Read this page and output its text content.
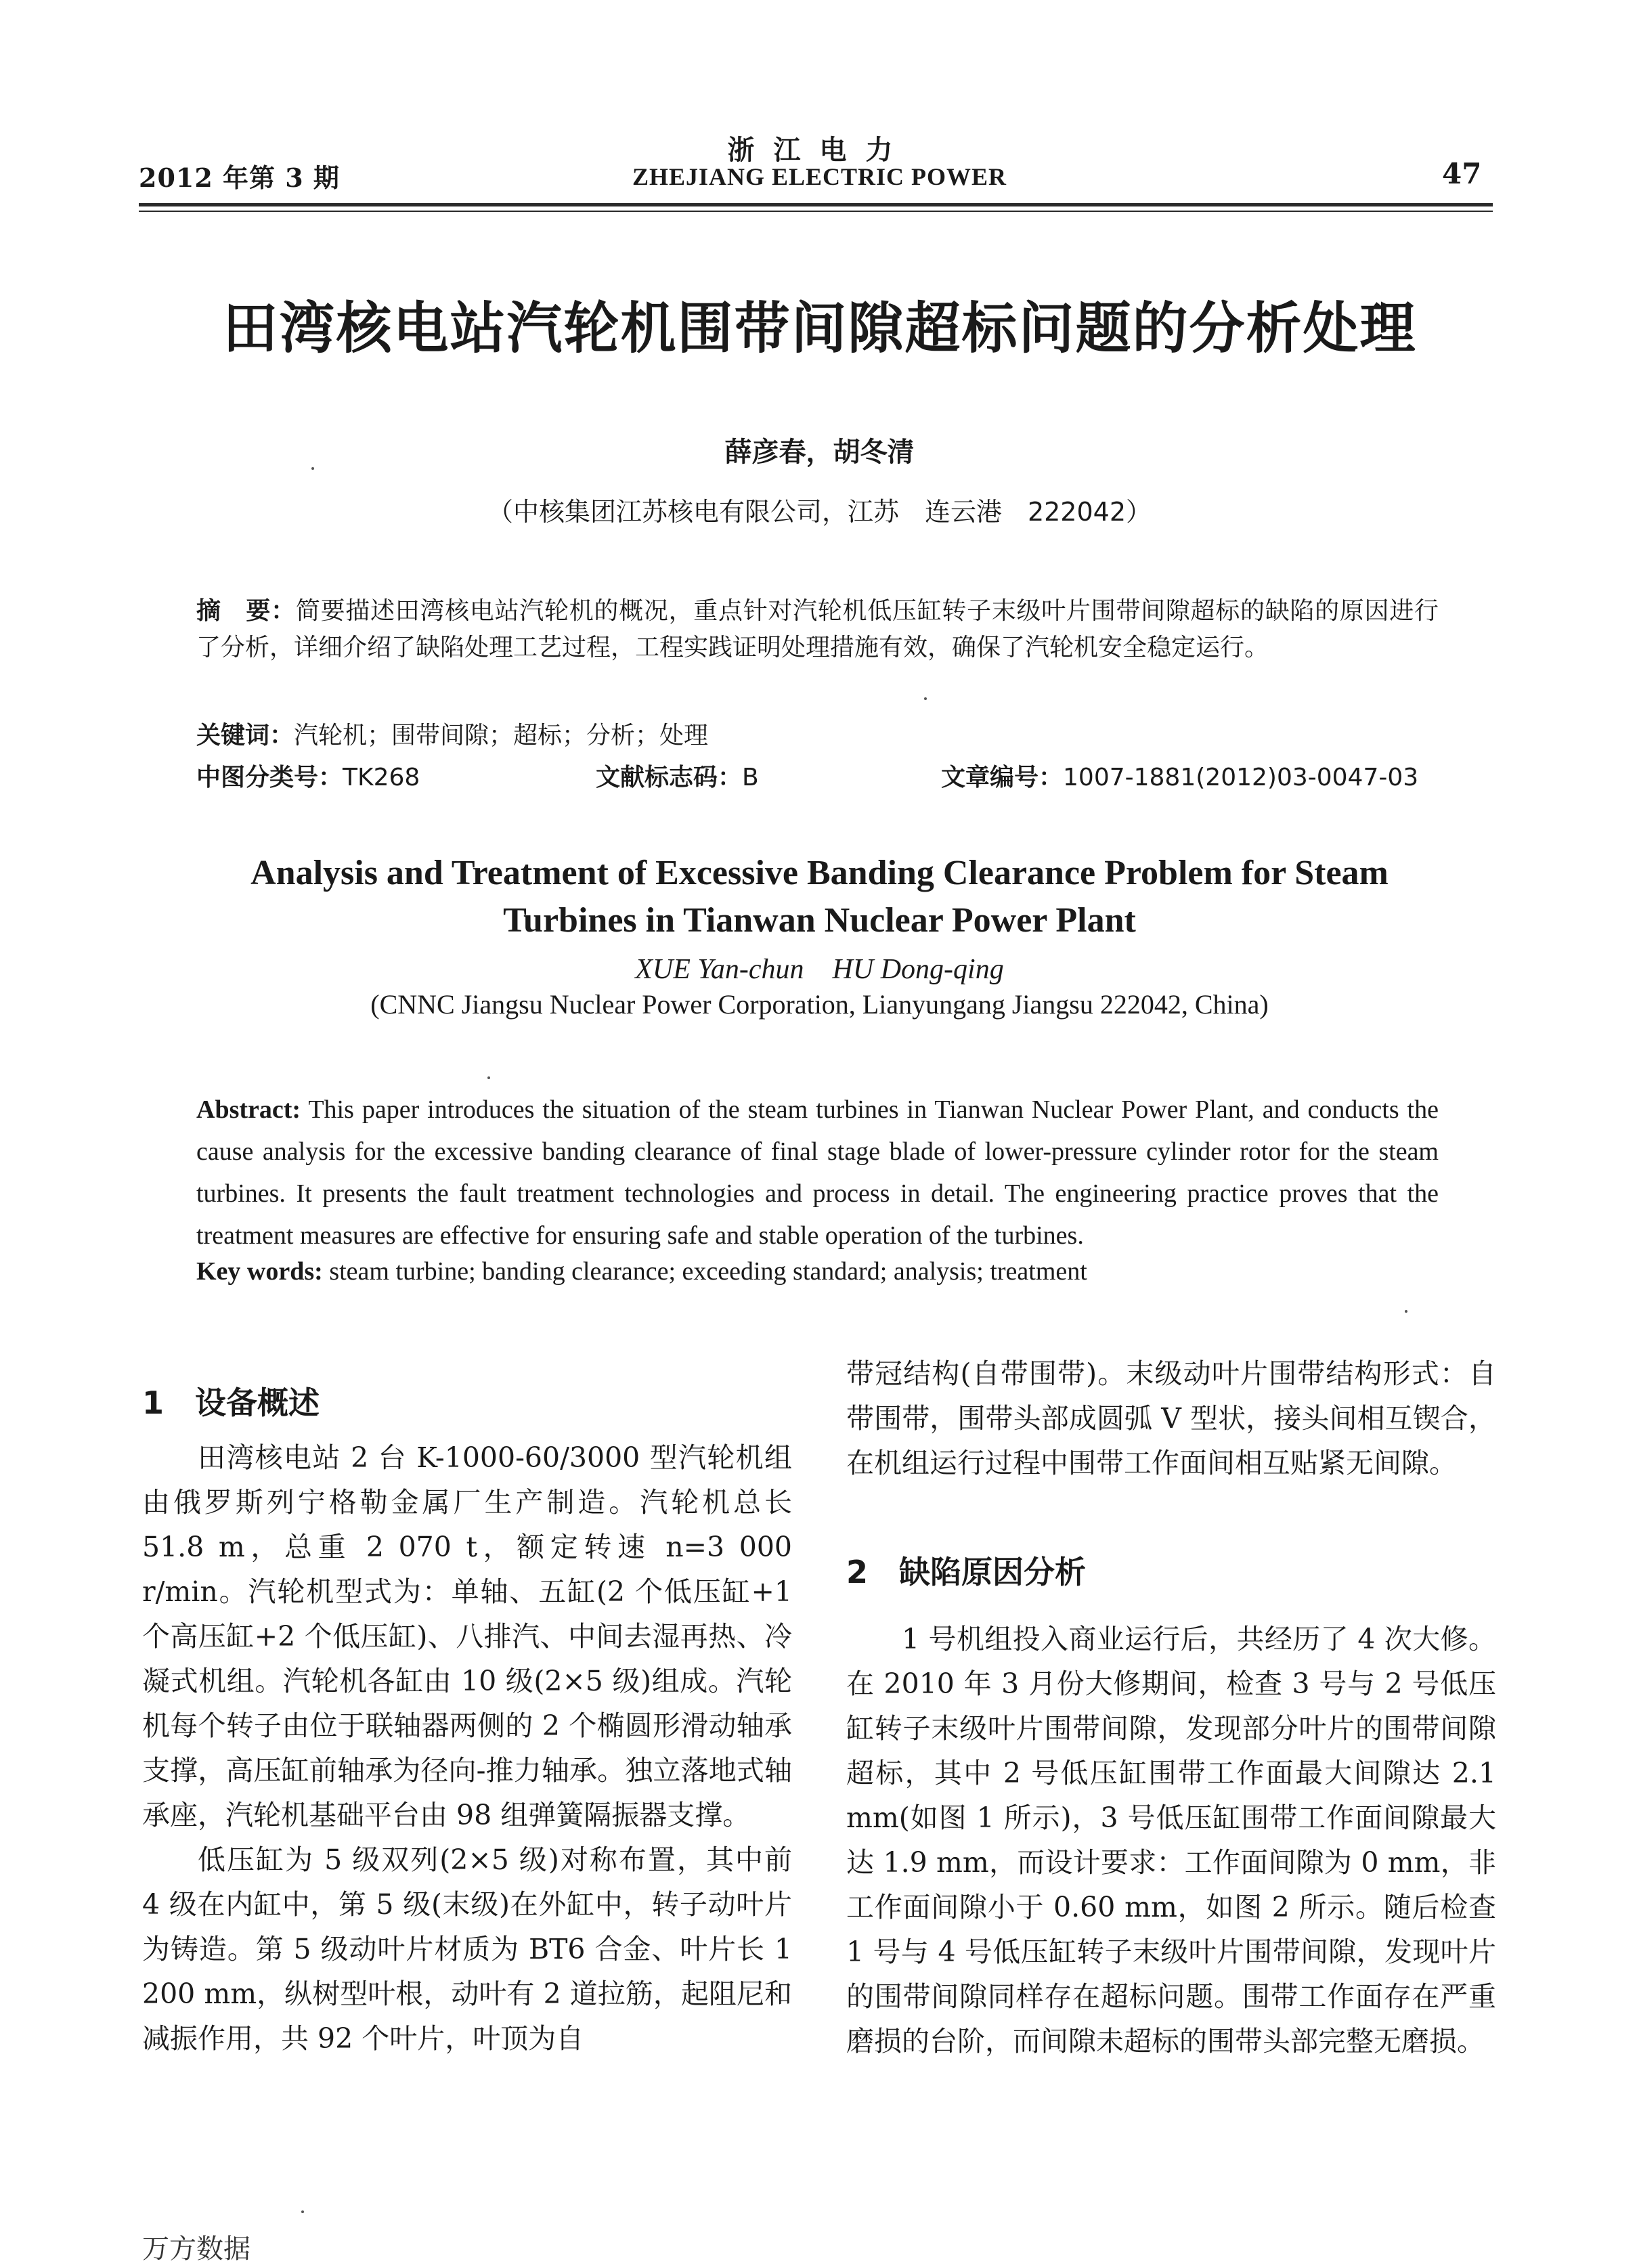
2012 年第 3 期
浙江电力
ZHEJIANG ELECTRIC POWER	47
田湾核电站汽轮机围带间隙超标问题的分析处理
薛彦春，胡冬清
（中核集团江苏核电有限公司，江苏　连云港　222042）
摘　要：简要描述田湾核电站汽轮机的概况，重点针对汽轮机低压缸转子末级叶片围带间隙超标的缺陷的原因进行了分析，详细介绍了缺陷处理工艺过程，工程实践证明处理措施有效，确保了汽轮机安全稳定运行。
关键词：汽轮机；围带间隙；超标；分析；处理
中图分类号：TK268	文献标志码：B	文章编号：1007-1881(2012)03-0047-03
Analysis and Treatment of Excessive Banding Clearance Problem for Steam
Turbines in Tianwan Nuclear Power Plant
XUE Yan-chun　HU Dong-qing
(CNNC Jiangsu Nuclear Power Corporation, Lianyungang Jiangsu 222042, China)
Abstract: This paper introduces the situation of the steam turbines in Tianwan Nuclear Power Plant, and conducts the cause analysis for the excessive banding clearance of final stage blade of lower-pressure cylinder rotor for the steam turbines. It presents the fault treatment technologies and process in detail. The engineering practice proves that the treatment measures are effective for ensuring safe and stable operation of the turbines.
Key words: steam turbine; banding clearance; exceeding standard; analysis; treatment
1 设备概述

田湾核电站 2 台 K-1000-60/3000 型汽轮机组由俄罗斯列宁格勒金属厂生产制造。汽轮机总长 51.8 m，总重 2 070 t，额定转速 n=3 000 r/min。汽轮机型式为：单轴、五缸(2 个低压缸+1 个高压缸+2 个低压缸)、八排汽、中间去湿再热、冷凝式机组。汽轮机各缸由 10 级(2×5 级)组成。汽轮机每个转子由位于联轴器两侧的 2 个椭圆形滑动轴承支撑，高压缸前轴承为径向-推力轴承。独立落地式轴承座，汽轮机基础平台由 98 组弹簧隔振器支撑。

低压缸为 5 级双列(2×5 级)对称布置，其中前 4 级在内缸中，第 5 级(末级)在外缸中，转子动叶片为铸造。第 5 级动叶片材质为 BT6 合金、叶片长 1 200 mm，纵树型叶根，动叶有 2 道拉筋，起阻尼和减振作用，共 92 个叶片，叶顶为自

带冠结构(自带围带)。末级动叶片围带结构形式：自带围带，围带头部成圆弧 V 型状，接头间相互锲合，在机组运行过程中围带工作面间相互贴紧无间隙。

2 缺陷原因分析

1 号机组投入商业运行后，共经历了 4 次大修。在 2010 年 3 月份大修期间，检查 3 号与 2 号低压缸转子末级叶片围带间隙，发现部分叶片的围带间隙超标，其中 2 号低压缸围带工作面最大间隙达 2.1 mm(如图 1 所示)，3 号低压缸围带工作面间隙最大达 1.9 mm，而设计要求：工作面间隙为 0 mm，非工作面间隙小于 0.60 mm，如图 2 所示。随后检查 1 号与 4 号低压缸转子末级叶片围带间隙，发现叶片的围带间隙同样存在超标问题。围带工作面存在严重磨损的台阶，而间隙未超标的围带头部完整无磨损。

万方数据
